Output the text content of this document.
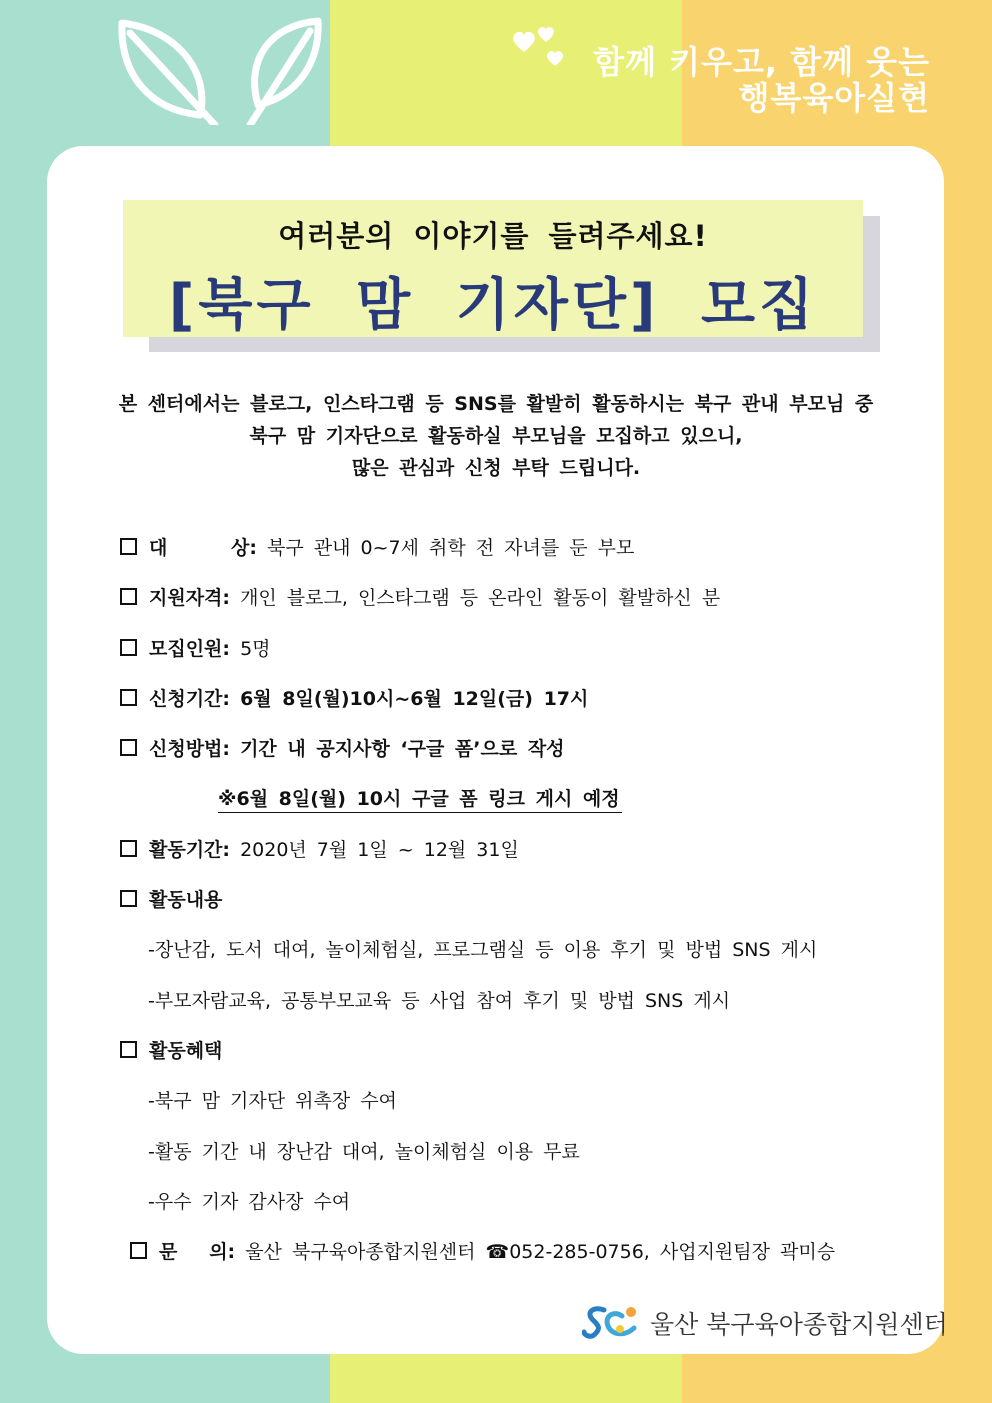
함께 키우고, 함께 웃는
행복육아실현
여러분의 이야기를 들려주세요!
[북구 맘 기자단] 모집
본 센터에서는 블로그, 인스타그램 등 SNS를 활발히 활동하시는 북구 관내 부모님 중
북구 맘 기자단으로 활동하실 부모님을 모집하고 있으니,
많은 관심과 신청 부탁 드립니다.
대      상: 북구 관내 0~7세 취학 전 자녀를 둔 부모
지원자격: 개인 블로그, 인스타그램 등 온라인 활동이 활발하신 분
모집인원: 5명
신청기간: 6월 8일(월)10시~6월 12일(금) 17시
신청방법: 기간 내 공지사항 ‘구글 폼’으로 작성
※6월 8일(월) 10시 구글 폼 링크 게시 예정
활동기간: 2020년 7월 1일 ~ 12월 31일
활동내용
-장난감, 도서 대여, 놀이체험실, 프로그램실 등 이용 후기 및 방법 SNS 게시
-부모자람교육, 공통부모교육 등 사업 참여 후기 및 방법 SNS 게시
활동혜택
-북구 맘 기자단 위촉장 수여
-활동 기간 내 장난감 대여, 놀이체험실 이용 무료
-우수 기자 감사장 수여
문   의: 울산 북구육아종합지원센터 ☎052-285-0756, 사업지원팀장 곽미승
울산 북구육아종합지원센터
